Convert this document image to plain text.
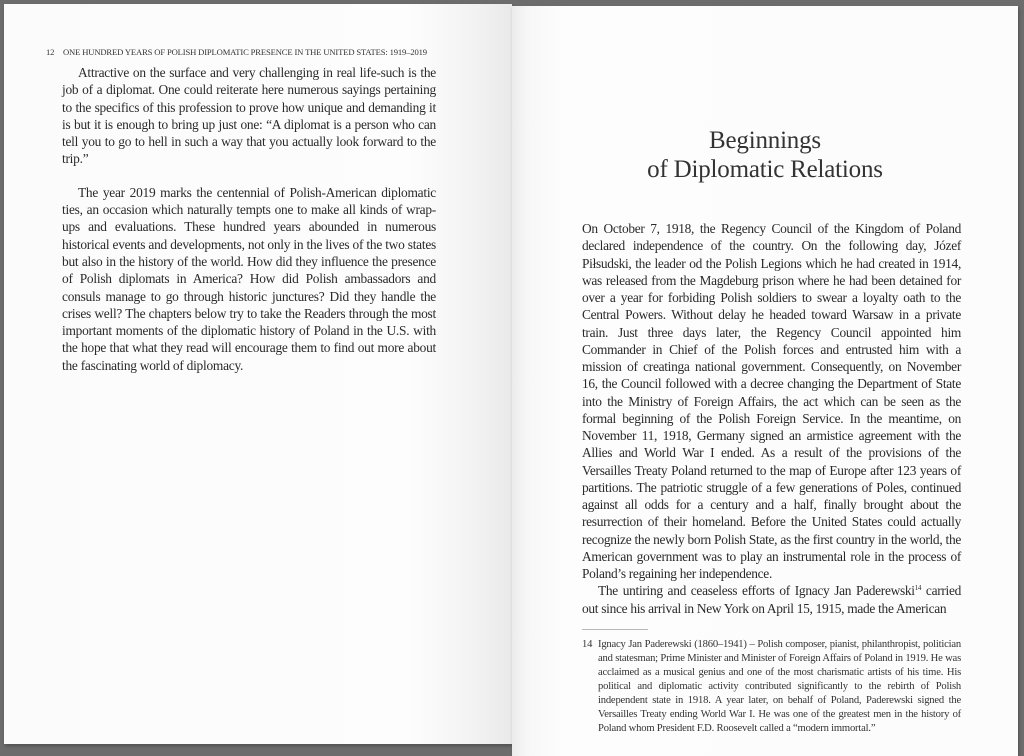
12 ONE HUNDRED YEARS OF POLISH DIPLOMATIC PRESENCE IN THE UNITED STATES: 1919–2019

Attractive on the surface and very challenging in real life-such is the job of a diplomat. One could reiterate here numerous sayings pertaining to the specifics of this profession to prove how unique and demanding it is but it is enough to bring up just one: “A diplomat is a person who can tell you to go to hell in such a way that you actually look forward to the trip.”

The year 2019 marks the centennial of Polish-American diplomatic ties, an occasion which naturally tempts one to make all kinds of wrap-ups and evaluations. These hundred years abounded in numerous historical events and developments, not only in the lives of the two states but also in the history of the world. How did they influence the presence of Polish diplomats in America? How did Polish ambassadors and consuls manage to go through historic junctures? Did they handle the crises well? The chapters below try to take the Readers through the most important moments of the diplomatic history of Poland in the U.S. with the hope that what they read will encourage them to find out more about the fascinating world of diplomacy.

Beginnings
of Diplomatic Relations

On October 7, 1918, the Regency Council of the Kingdom of Poland declared independence of the country. On the following day, Józef Piłsudski, the leader od the Polish Legions which he had created in 1914, was released from the Magdeburg prison where he had been detained for over a year for forbiding Polish soldiers to swear a loyalty oath to the Central Powers. Without delay he headed toward Warsaw in a private train. Just three days later, the Regency Council appointed him Commander in Chief of the Polish forces and entrusted him with a mission of creatinga national government. Consequently, on November 16, the Council followed with a decree changing the Department of State into the Ministry of Foreign Affairs, the act which can be seen as the formal beginning of the Polish Foreign Service. In the meantime, on November 11, 1918, Germany signed an armistice agreement with the Allies and World War I ended. As a result of the provisions of the Versailles Treaty Poland returned to the map of Europe after 123 years of partitions. The patriotic struggle of a few generations of Poles, continued against all odds for a century and a half, finally brought about the resurrection of their homeland. Before the United States could actually recognize the newly born Polish State, as the first country in the world, the American government was to play an instrumental role in the process of Poland’s regaining her independence.

The untiring and ceaseless efforts of Ignacy Jan Paderewski$^{14}$ carried out since his arrival in New York on April 15, 1915, made the American

14 Ignacy Jan Paderewski (1860–1941) – Polish composer, pianist, philanthropist, politician and statesman; Prime Minister and Minister of Foreign Affairs of Poland in 1919. He was acclaimed as a musical genius and one of the most charismatic artists of his time. His political and diplomatic activity contributed significantly to the rebirth of Polish independent state in 1918. A year later, on behalf of Poland, Paderewski signed the Versailles Treaty ending World War I. He was one of the greatest men in the history of Poland whom President F.D. Roosevelt called a “modern immortal.”
